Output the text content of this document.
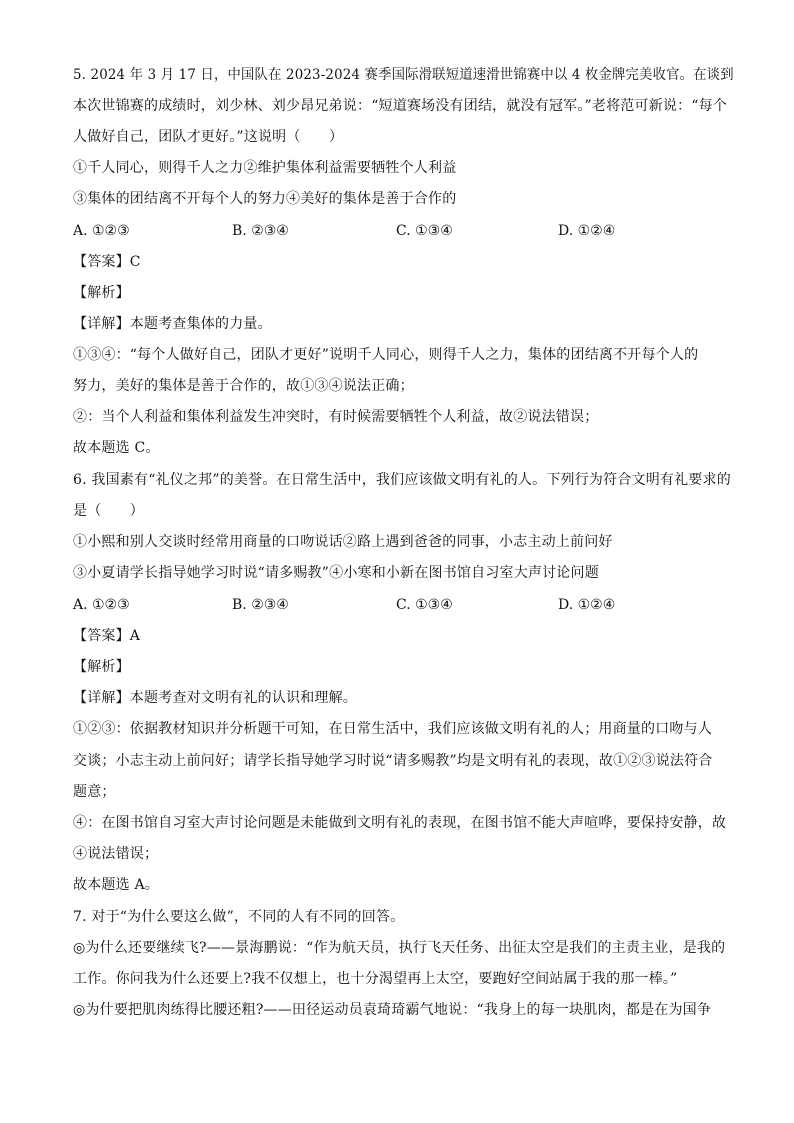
5. 2024 年 3 月 17 日，中国队在 2023-2024 赛季国际滑联短道速滑世锦赛中以 4 枚金牌完美收官。在谈到
本次世锦赛的成绩时，刘少林、刘少昂兄弟说：“短道赛场没有团结，就没有冠军。”老将范可新说：“每个
人做好自己，团队才更好。”这说明（　　）
①千人同心，则得千人之力②维护集体利益需要牺牲个人利益
③集体的团结离不开每个人的努力④美好的集体是善于合作的
A. ①②③	B. ②③④	C. ①③④	D. ①②④
【答案】C
【解析】
【详解】本题考查集体的力量。
①③④：“每个人做好自己，团队才更好”说明千人同心，则得千人之力，集体的团结离不开每个人的
努力，美好的集体是善于合作的，故①③④说法正确；
②：当个人利益和集体利益发生冲突时，有时候需要牺牲个人利益，故②说法错误；
故本题选 C。
6. 我国素有“礼仪之邦”的美誉。在日常生活中，我们应该做文明有礼的人。下列行为符合文明有礼要求的
是（　　）
①小熙和别人交谈时经常用商量的口吻说话②路上遇到爸爸的同事，小志主动上前问好
③小夏请学长指导她学习时说“请多赐教”④小寒和小新在图书馆自习室大声讨论问题
A. ①②③	B. ②③④	C. ①③④	D. ①②④
【答案】A
【解析】
【详解】本题考查对文明有礼的认识和理解。
①②③：依据教材知识并分析题干可知，在日常生活中，我们应该做文明有礼的人；用商量的口吻与人
交谈；小志主动上前问好；请学长指导她学习时说“请多赐教”均是文明有礼的表现，故①②③说法符合
题意；
④：在图书馆自习室大声讨论问题是未能做到文明有礼的表现，在图书馆不能大声喧哗，要保持安静，故
④说法错误；
故本题选 A。
7. 对于“为什么要这么做”，不同的人有不同的回答。
◎为什么还要继续飞?——景海鹏说：“作为航天员，执行飞天任务、出征太空是我们的主责主业，是我的
工作。你问我为什么还要上?我不仅想上，也十分渴望再上太空，要跑好空间站属于我的那一棒。”
◎为什要把肌肉练得比腰还粗?——田径运动员袁琦琦霸气地说：“我身上的每一块肌肉，都是在为国争
